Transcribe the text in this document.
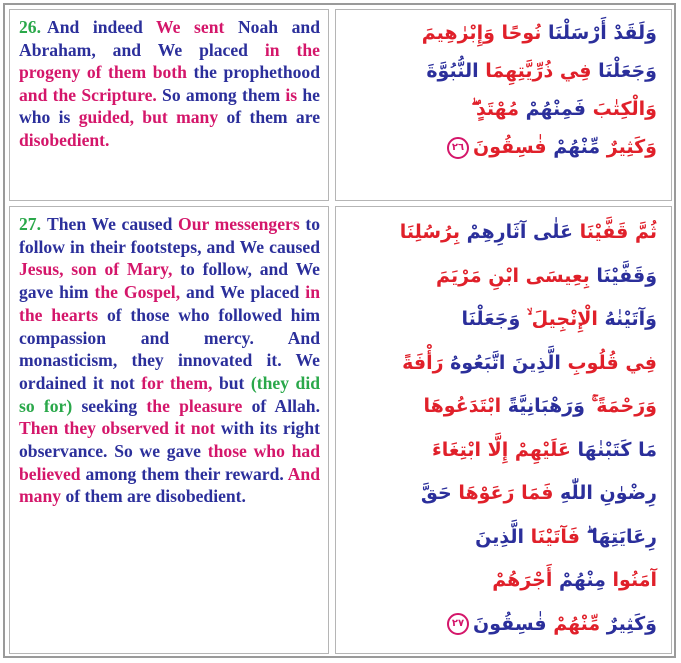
26. And indeed We sent Noah and Abraham, and We placed in the progeny of them both the prophethood and the Scripture. So among them is he who is guided, but many of them are disobedient.
وَلَقَدْ أَرْسَلْنَا نُوحًا وَإِبْرٰهِيمَ
وَجَعَلْنَا فِي ذُرِّيَّتِهِمَا النُّبُوَّةَ
وَالْكِتٰبَ فَمِنْهُمْ مُهْتَدٍ ۖ
وَكَثِيرٌ مِّنْهُمْ فٰسِقُونَ٢٦
27. Then We caused Our messengers to follow in their footsteps, and We caused Jesus, son of Mary, to follow, and We gave him the Gospel, and We placed in the hearts of those who followed him compassion and mercy. And monasticism, they innovated it. We ordained it not for them, but (they did so for) seeking the pleasure of Allah. Then they observed it not with its right observance. So we gave those who had believed among them their reward. And many of them are disobedient.
ثُمَّ قَفَّيْنَا عَلٰى آثَارِهِمْ بِرُسُلِنَا
وَقَفَّيْنَا بِعِيسَى ابْنِ مَرْيَمَ
وَآتَيْنٰهُ الْإِنْجِيلَ ۙ وَجَعَلْنَا
فِي قُلُوبِ الَّذِينَ اتَّبَعُوهُ رَأْفَةً
وَرَحْمَةً ۚ وَرَهْبَانِيَّةً ابْتَدَعُوهَا
مَا كَتَبْنٰهَا عَلَيْهِمْ إِلَّا ابْتِغَاءَ
رِضْوٰنِ اللّٰهِ فَمَا رَعَوْهَا حَقَّ
رِعَايَتِهَا ۖ فَآتَيْنَا الَّذِينَ
آمَنُوا مِنْهُمْ أَجْرَهُمْ
وَكَثِيرٌ مِّنْهُمْ فٰسِقُونَ٢٧
